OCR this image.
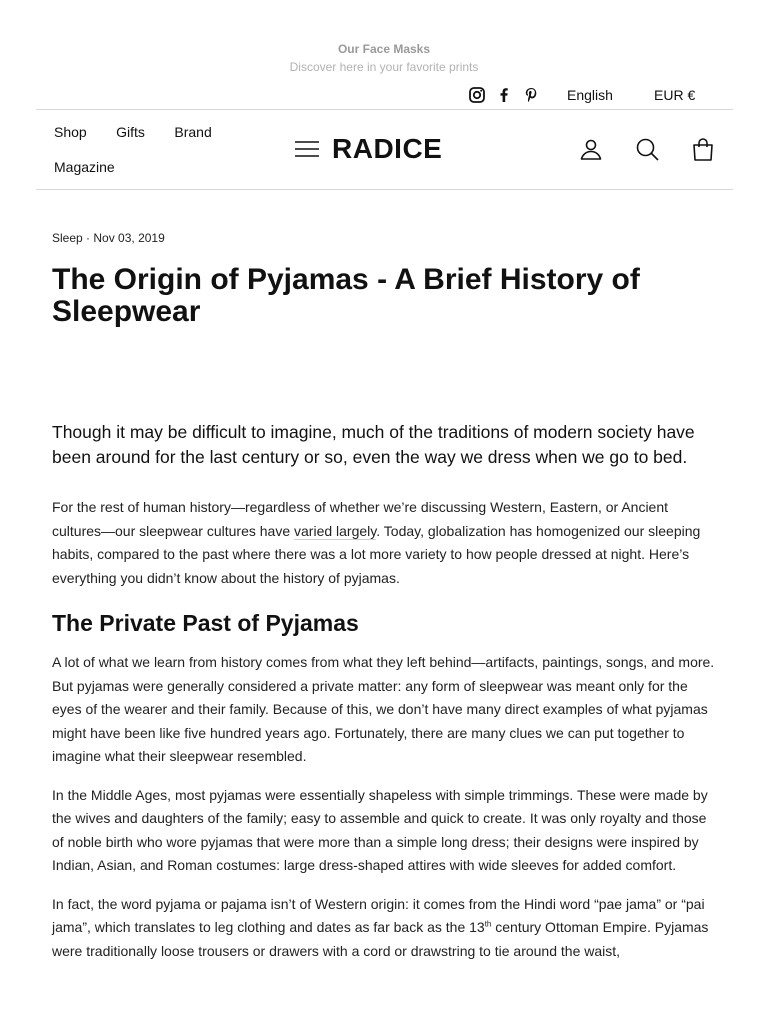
Our Face Masks
Discover here in your favorite prints
English	EUR €
Shop Gifts Brand
Magazine
RADICE
Sleep · Nov 03, 2019
The Origin of Pyjamas - A Brief History of Sleepwear

Though it may be difficult to imagine, much of the traditions of modern society have been around for the last century or so, even the way we dress when we go to bed.

For the rest of human history—regardless of whether we’re discussing Western, Eastern, or Ancient cultures—our sleepwear cultures have varied largely. Today, globalization has homogenized our sleeping habits, compared to the past where there was a lot more variety to how people dressed at night. Here’s everything you didn’t know about the history of pyjamas.

The Private Past of Pyjamas

A lot of what we learn from history comes from what they left behind—artifacts, paintings, songs, and more. But pyjamas were generally considered a private matter: any form of sleepwear was meant only for the eyes of the wearer and their family. Because of this, we don’t have many direct examples of what pyjamas might have been like five hundred years ago. Fortunately, there are many clues we can put together to imagine what their sleepwear resembled.

In the Middle Ages, most pyjamas were essentially shapeless with simple trimmings. These were made by the wives and daughters of the family; easy to assemble and quick to create. It was only royalty and those of noble birth who wore pyjamas that were more than a simple long dress; their designs were inspired by Indian, Asian, and Roman costumes: large dress-shaped attires with wide sleeves for added comfort.

In fact, the word pyjama or pajama isn’t of Western origin: it comes from the Hindi word “pae jama” or “pai jama”, which translates to leg clothing and dates as far back as the 13th century Ottoman Empire. Pyjamas were traditionally loose trousers or drawers with a cord or drawstring to tie around the waist,
